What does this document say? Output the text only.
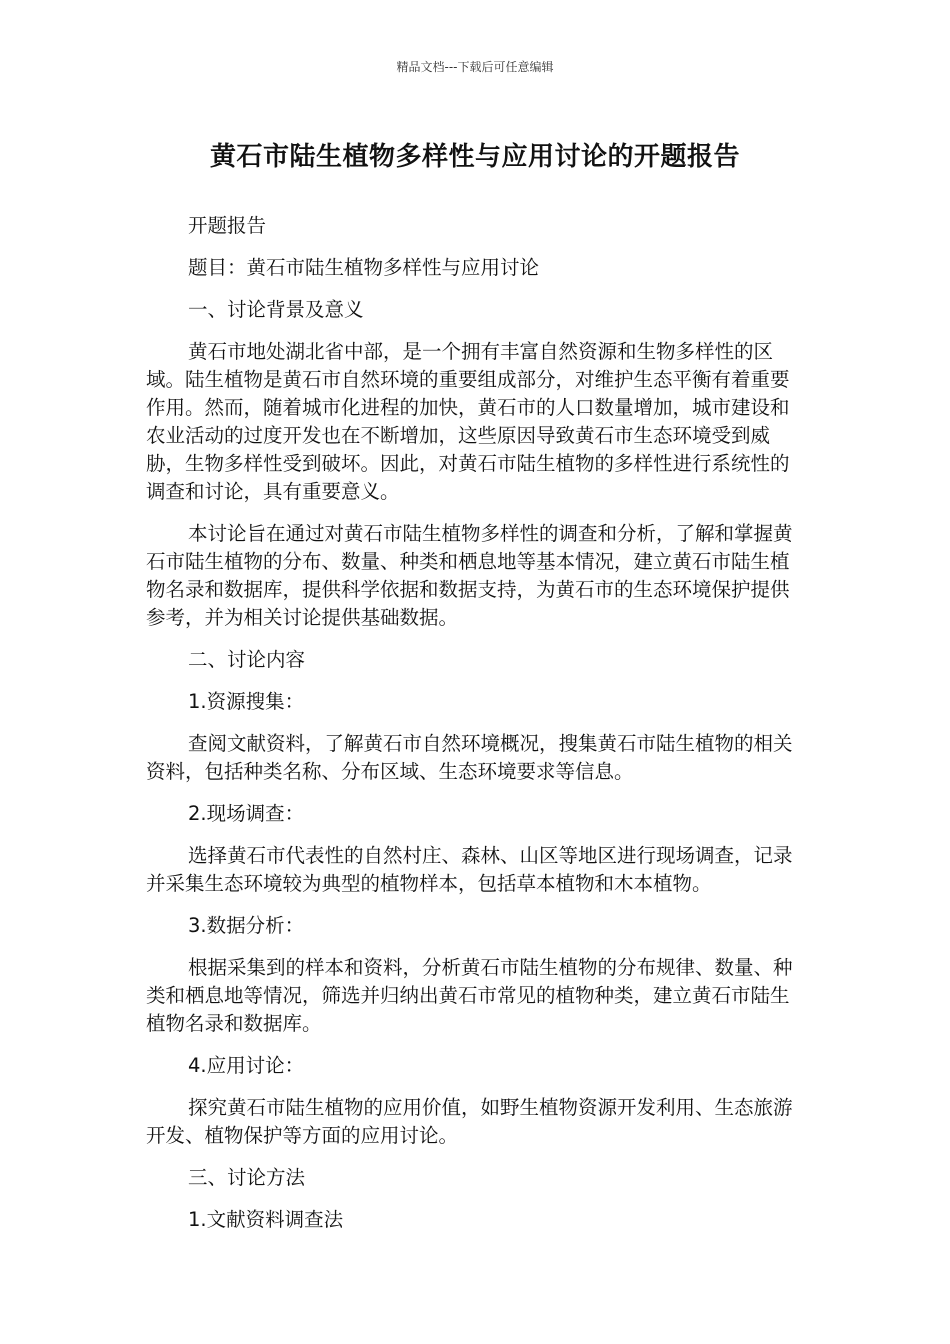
精品文档---下载后可任意编辑
黄石市陆生植物多样性与应用讨论的开题报告

开题报告

题目：黄石市陆生植物多样性与应用讨论

一、讨论背景及意义

黄石市地处湖北省中部，是一个拥有丰富自然资源和生物多样性的区域。陆生植物是黄石市自然环境的重要组成部分，对维护生态平衡有着重要作用。然而，随着城市化进程的加快，黄石市的人口数量增加，城市建设和农业活动的过度开发也在不断增加，这些原因导致黄石市生态环境受到威胁，生物多样性受到破坏。因此，对黄石市陆生植物的多样性进行系统性的调查和讨论，具有重要意义。

本讨论旨在通过对黄石市陆生植物多样性的调查和分析，了解和掌握黄石市陆生植物的分布、数量、种类和栖息地等基本情况，建立黄石市陆生植物名录和数据库，提供科学依据和数据支持，为黄石市的生态环境保护提供参考，并为相关讨论提供基础数据。

二、讨论内容

1.资源搜集：

查阅文献资料，了解黄石市自然环境概况，搜集黄石市陆生植物的相关资料，包括种类名称、分布区域、生态环境要求等信息。

2.现场调查：

选择黄石市代表性的自然村庄、森林、山区等地区进行现场调查，记录并采集生态环境较为典型的植物样本，包括草本植物和木本植物。

3.数据分析：

根据采集到的样本和资料，分析黄石市陆生植物的分布规律、数量、种类和栖息地等情况，筛选并归纳出黄石市常见的植物种类，建立黄石市陆生植物名录和数据库。

4.应用讨论：

探究黄石市陆生植物的应用价值，如野生植物资源开发利用、生态旅游开发、植物保护等方面的应用讨论。

三、讨论方法

1.文献资料调查法
